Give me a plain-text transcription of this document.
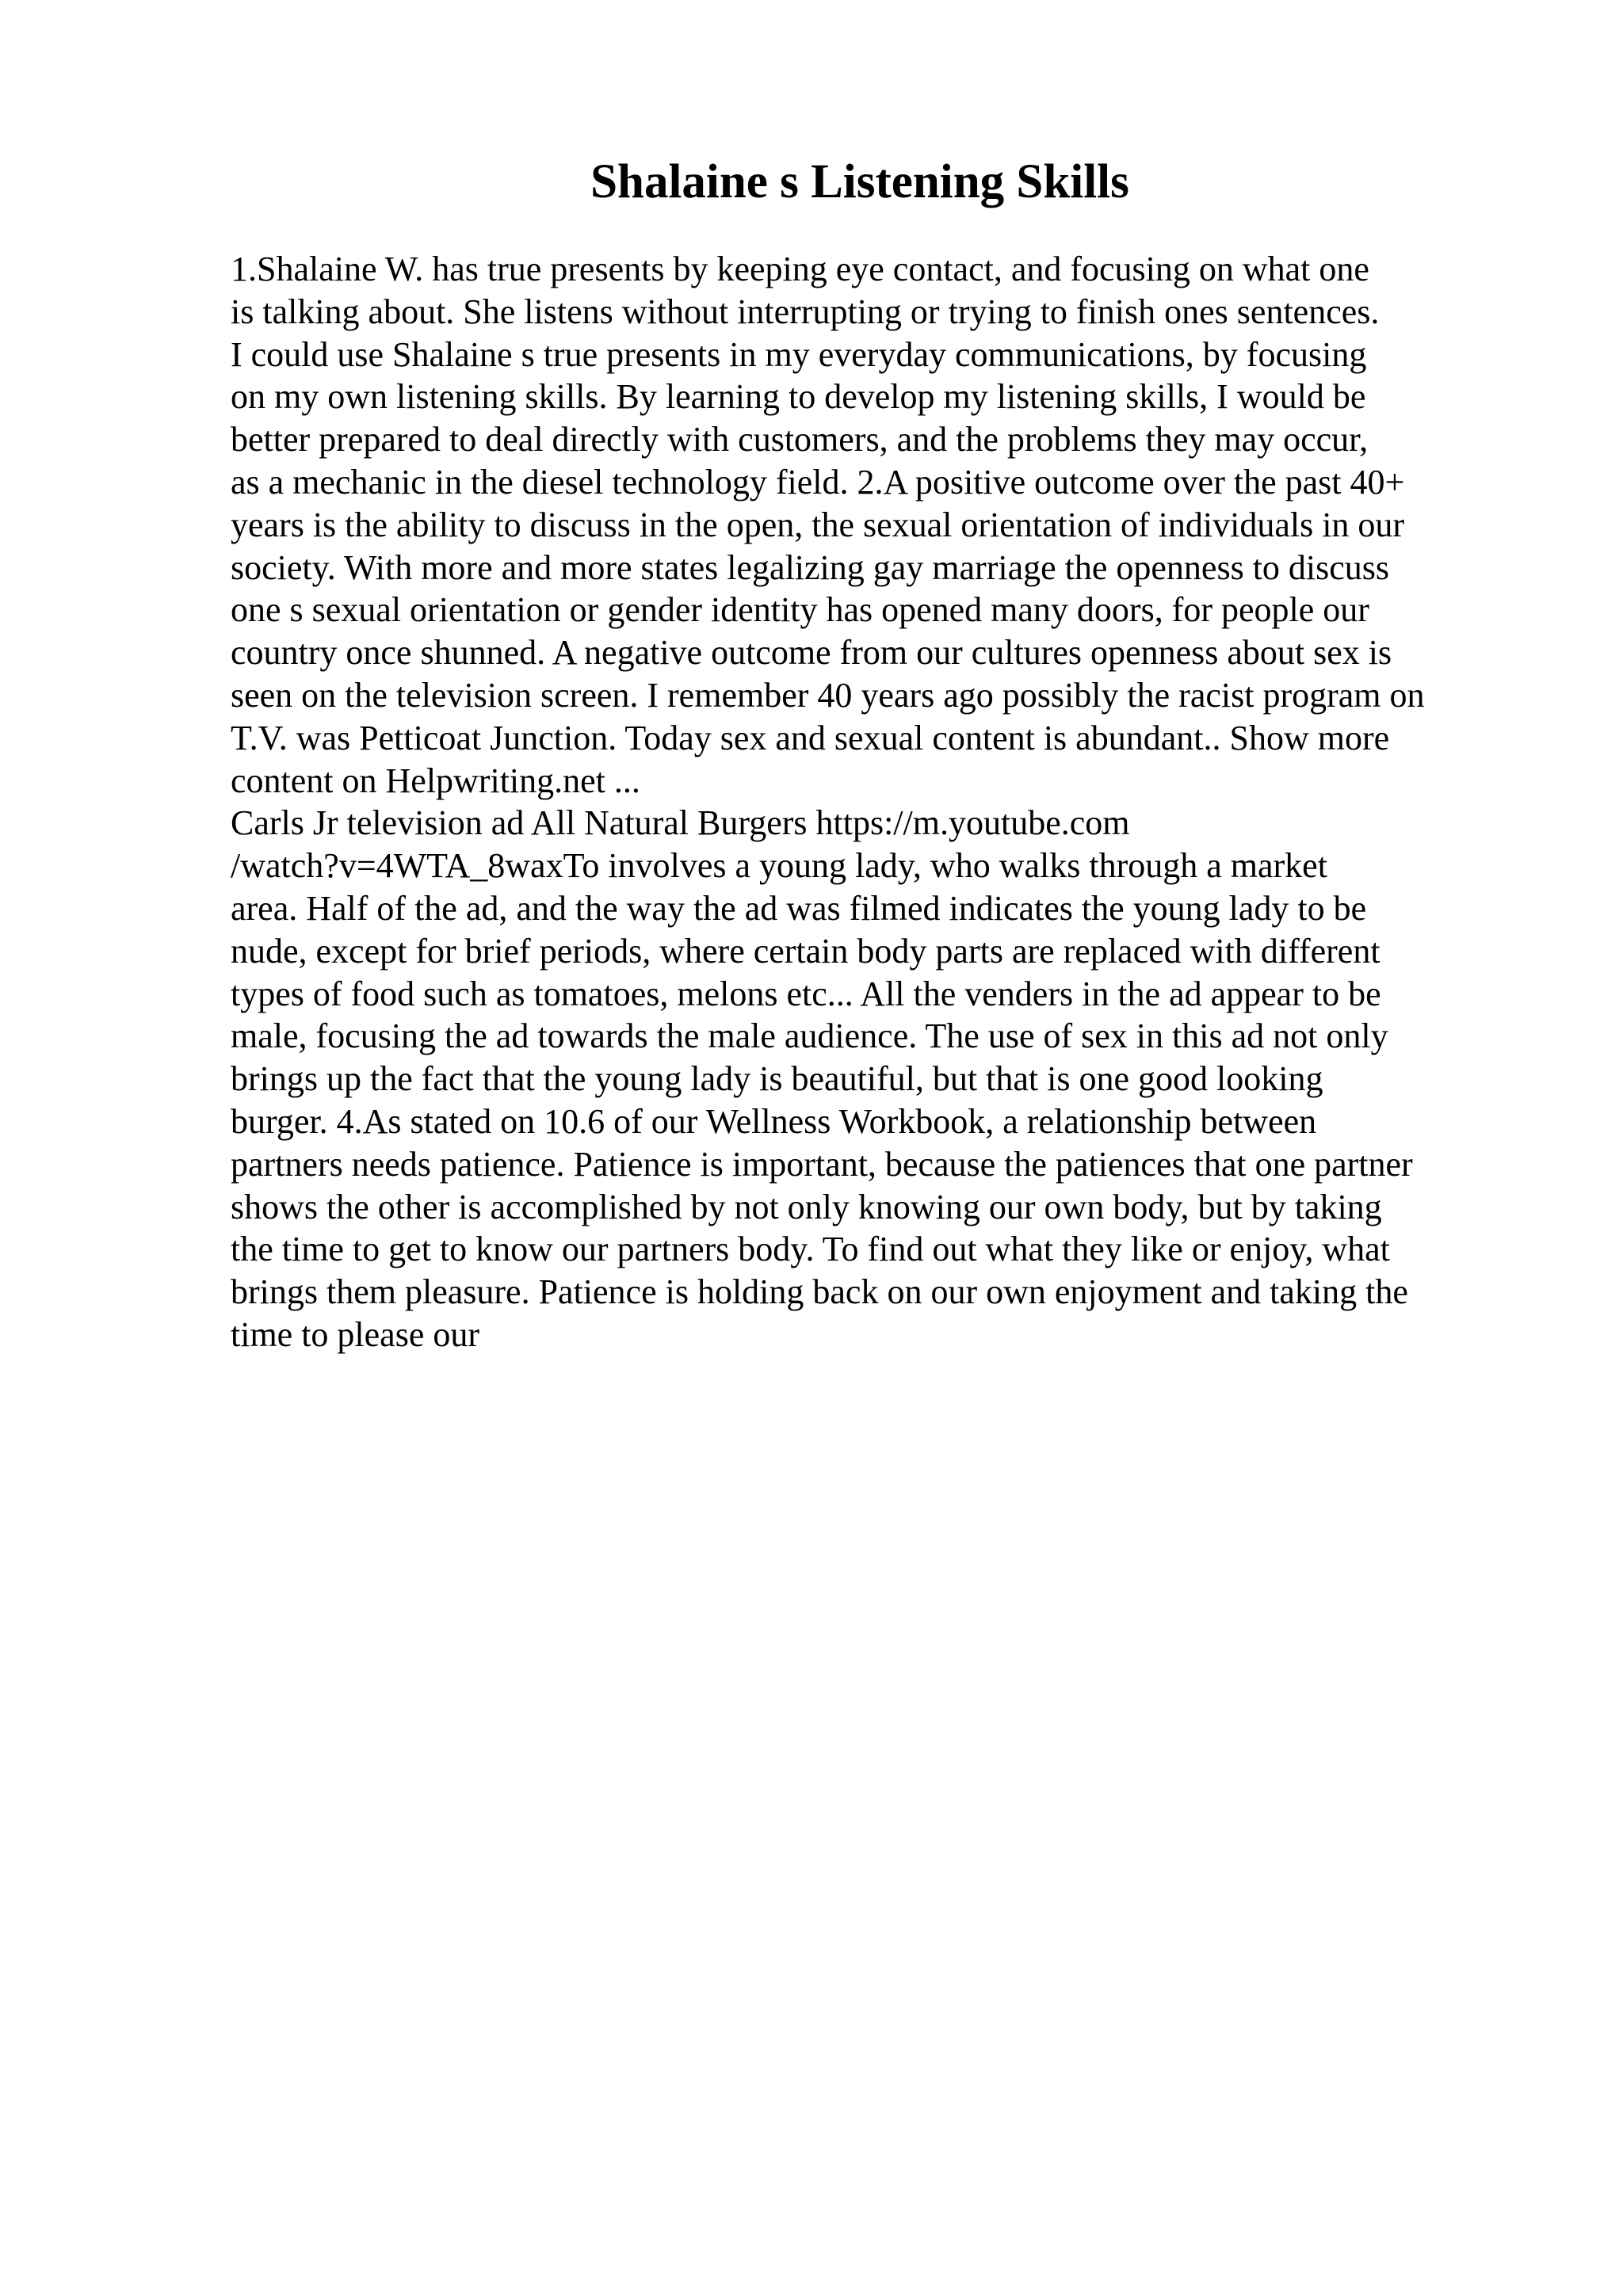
Shalaine s Listening Skills
1.Shalaine W. has true presents by keeping eye contact, and focusing on what one
is talking about. She listens without interrupting or trying to finish ones sentences.
I could use Shalaine s true presents in my everyday communications, by focusing
on my own listening skills. By learning to develop my listening skills, I would be
better prepared to deal directly with customers, and the problems they may occur,
as a mechanic in the diesel technology field. 2.A positive outcome over the past 40+
years is the ability to discuss in the open, the sexual orientation of individuals in our
society. With more and more states legalizing gay marriage the openness to discuss
one s sexual orientation or gender identity has opened many doors, for people our
country once shunned. A negative outcome from our cultures openness about sex is
seen on the television screen. I remember 40 years ago possibly the racist program on
T.V. was Petticoat Junction. Today sex and sexual content is abundant.. Show more
content on Helpwriting.net ...
Carls Jr television ad All Natural Burgers https://m.youtube.com
/watch?v=4WTA_8waxTo involves a young lady, who walks through a market
area. Half of the ad, and the way the ad was filmed indicates the young lady to be
nude, except for brief periods, where certain body parts are replaced with different
types of food such as tomatoes, melons etc... All the venders in the ad appear to be
male, focusing the ad towards the male audience. The use of sex in this ad not only
brings up the fact that the young lady is beautiful, but that is one good looking
burger. 4.As stated on 10.6 of our Wellness Workbook, a relationship between
partners needs patience. Patience is important, because the patiences that one partner
shows the other is accomplished by not only knowing our own body, but by taking
the time to get to know our partners body. To find out what they like or enjoy, what
brings them pleasure. Patience is holding back on our own enjoyment and taking the
time to please our
